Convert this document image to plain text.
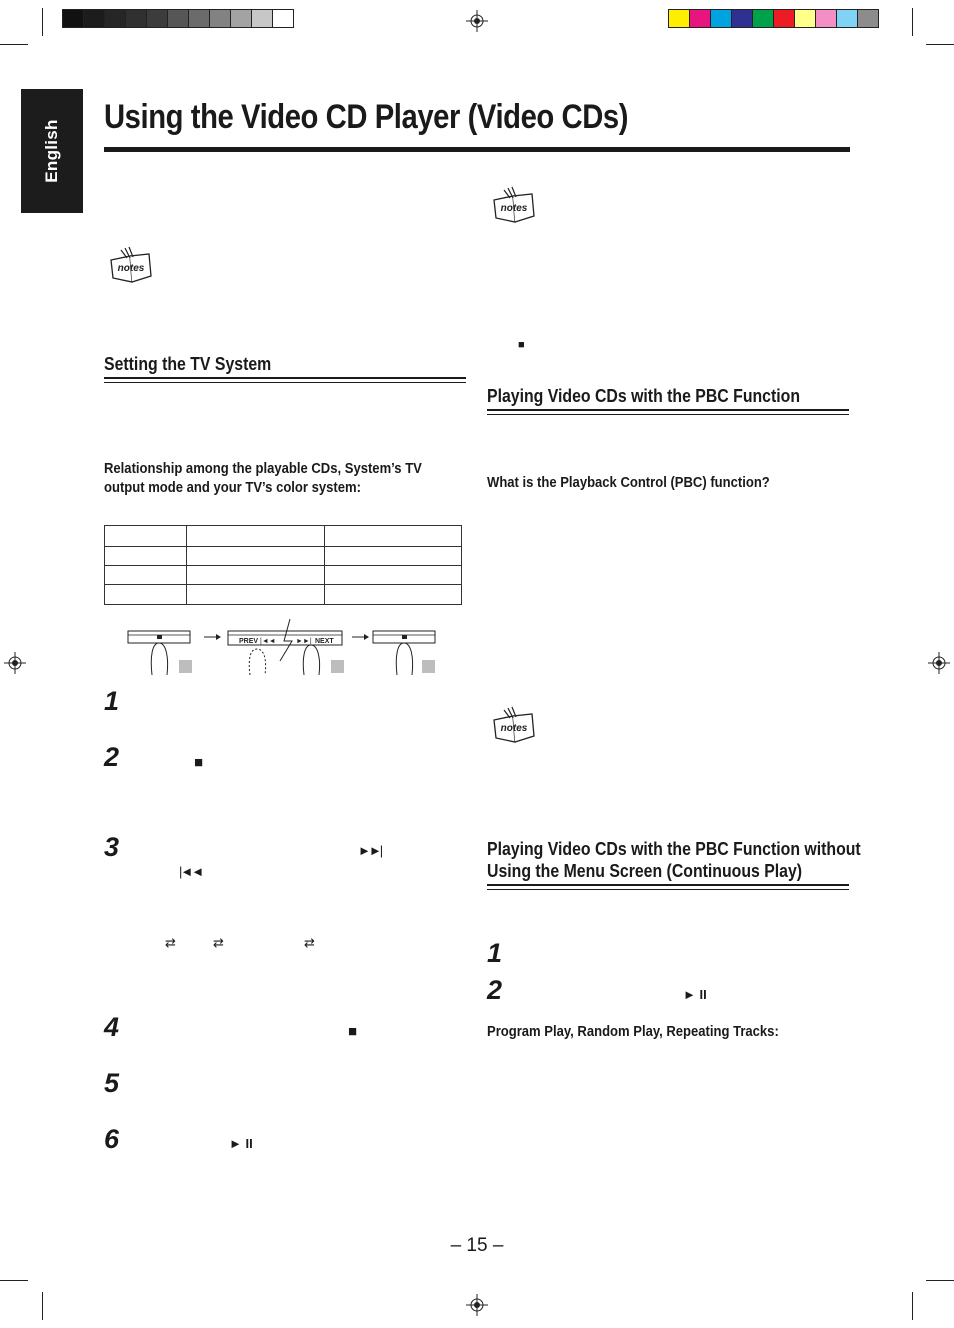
English
Using the Video CD Player (Video CDs)
notes
notes
notes
Setting the TV System
Relationship among the playable CDs, System’s TV
output mode and your TV’s color system:

PREV |◄◄	►►| NEXT
1
2
3
4
5
6
■
►►|
|◄◄
⇄	⇄	⇄
■
► II
■
Playing Video CDs with the PBC Function
What is the Playback Control (PBC) function?
Playing Video CDs with the PBC Function without
Using the Menu Screen (Continuous Play)
1
2	► II
Program Play, Random Play, Repeating Tracks:
– 15 –
